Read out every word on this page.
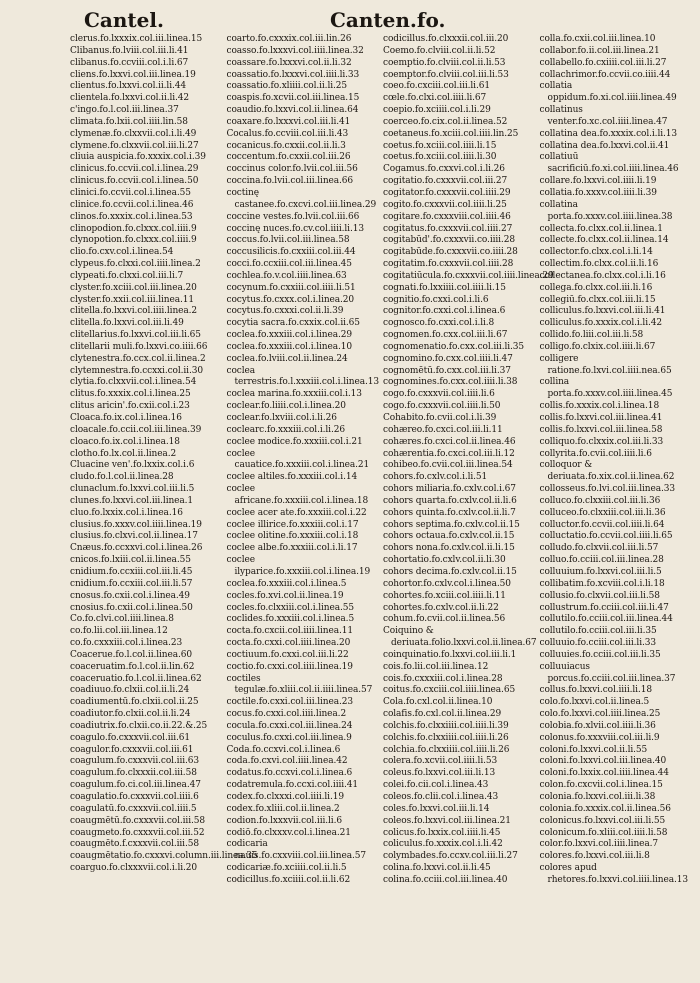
Cantel.	Canten.fo.
clerus.fo.lxxxix.col.iii.linea.15
Clibanus.fo.lviii.col.iii.li.41
clibanus.fo.ccviii.col.i.li.67
cliens.fo.lxxvi.col.iii.linea.19
clientus.fo.lxxvi.col.ii.li.44
clientela.fo.lxxvi.col.ii.li.42
c'ingo.fo.l.col.iii.linea.37
climata.fo.lxii.col.iiii.lin.58
clymenæ.fo.clxxvii.col.i.li.49
clymene.fo.clxxvii.col.iii.li.27
cliuia auspicia.fo.xxxix.col.i.39
clinicus.fo.ccvii.col.i.linea.29
clinicus.fo.ccvii.col.i.linea.50
clinici.fo.ccvii.col.i.linea.55
clinice.fo.ccvii.col.i.linea.46
clinos.fo.xxxix.col.i.linea.53
clinopodion.fo.clxxx.col.iiii.9
clynopotion.fo.clxxx.col.iiii.9
clio.fo.cxv.col.i.linea.54
clypeus.fo.clxxi.col.iiii.linea.2
clypeati.fo.clxxi.col.iii.li.7
clyster.fo.xciii.col.iii.linea.20
clyster.fo.xxii.col.iii.linea.11
clitella.fo.lxxvi.col.iiii.linea.2
clitella.fo.lxxvi.col.iii.li.49
clitellarius.fo.lxxvi.col.iii.li.65
clitellarii muli.fo.lxxvi.co.iiii.66
clytenestra.fo.ccx.col.ii.linea.2
clytemnestra.fo.ccxxi.col.ii.30
clytia.fo.clxxvii.col.i.linea.54
clitus.fo.xxxix.col.i.linea.25
clitus aricin'.fo.cxii.col.i.23
Cloaca.fo.ix.col.i.linea.16
cloacale.fo.ccii.col.iii.linea.39
cloaco.fo.ix.col.i.linea.18
clotho.fo.lx.col.ii.linea.2
Cluacine ven'.fo.lxxix.col.i.6
cludo.fo.l.col.ii.linea.28
clunaclum.fo.lxxvi.col.iii.li.5
clunes.fo.lxxvi.col.iii.linea.1
cluo.fo.lxxix.col.i.linea.16
clusius.fo.xxxv.col.iiii.linea.19
clusius.fo.clxvi.col.ii.linea.17
Cnæus.fo.ccxxvi.col.i.linea.26
cnicos.fo.lxiii.col.ii.linea.55
cnidium.fo.ccxiii.col.iii.li.45
cnidium.fo.ccxiii.col.iii.li.57
cnosus.fo.cxii.col.i.linea.49
cnosius.fo.cxii.col.i.linea.50
Co.fo.clvi.col.iiii.linea.8
co.fo.lii.col.iii.linea.12
co.fo.cxxxiii.col.i.linea.23
Coacerue.fo.l.col.ii.linea.60
coaceruatim.fo.l.col.ii.lin.62
coaceruatio.fo.l.col.ii.linea.62
coadiuuo.fo.clxii.col.ii.li.24
coadiumentū.fo.clxii.col.ii.25
coadiutor.fo.clxii.col.ii.li.24
coadiutrix.fo.clxii.co.ii.22.&.25
coagulo.fo.cxxxvii.col.iii.61
coagulor.fo.cxxxvii.col.iii.61
coagulum.fo.cxxxvii.col.iii.63
coagulum.fo.clxxxii.col.iii.58
coagulum.fo.ci.col.iii.linea.47
coagulatio.fo.cxxxvii.col.iiii.6
coagulatū.fo.cxxxvii.col.iiii.5
coaugmētū.fo.cxxxvii.col.iii.58
coaugmeto.fo.cxxxvii.col.iii.52
coaugmēto.f.cxxxvii.col.iii.58
coaugmētatio.fo.cxxxvi.column.iii.linea.35
coarguo.fo.clxxxvii.col.i.li.20
coarto.fo.cxxxix.col.iii.lin.26
coasso.fo.lxxxvi.col.iiii.linea.32
coassare.fo.lxxxvi.col.ii.li.32
coassatio.fo.lxxxvi.col.iiii.li.33
coassatio.fo.xliiii.col.ii.li.25
coaspis.fo.xcvii.col.iii.linea.15
coaudio.fo.lxxvi.col.ii.linea.64
coaxare.fo.lxxxvi.col.iii.li.41
Cocalus.fo.ccviii.col.iii.li.43
cocanicus.fo.cxxii.col.ii.li.3
coccentum.fo.cxxii.col.iii.26
coccinus color.fo.lvii.col.iii.56
coccina.fo.lvii.col.iii.linea.66
coctinę castanee.fo.cxcvi.col.iii.linea.29
coccine vestes.fo.lvii.col.iii.66
coccinę nuces.fo.cv.col.iiii.li.13
coccus.fo.lvii.col.iii.linea.58
coccusilicis.fo.cxxiii.col.iii.44
cocci.fo.ccxiii.col.iii.linea.45
cochlea.fo.v.col.iiii.linea.63
cocynum.fo.cxxiii.col.iiii.li.51
cocytus.fo.cxxx.col.i.linea.20
cocytus.fo.cxxxi.col.ii.li.39
cocytia sacra.fo.cxxix.col.ii.65
coclea.fo.xxxiii.col.i.linea.29
coclea.fo.xxxiii.col.i.linea.10
coclea.fo.lviii.col.ii.linea.24
coclea terrestris.fo.l.xxxiii.col.i.linea.13
coclea marina.fo.xxxiii.col.i.13
coclear.fo.liiii.col.i.linea.20
coclear.fo.lxviii.col.i.li.26
coclearc.fo.xxxiii.col.i.li.26
coclee modice.fo.xxxiii.col.i.21
coclee cauatice.fo.xxxiii.col.i.linea.21
coclee altiles.fo.xxxiii.col.i.14
coclee africane.fo.xxxiii.col.i.linea.18
coclee acer ate.fo.xxxiii.col.i.22
coclee illirice.fo.xxxiii.col.i.17
coclee olitine.fo.xxxiii.col.i.18
coclee albe.fo.xxxiii.col.i.li.17
coclee ilyparice.fo.xxxiii.col.i.linea.19
coclea.fo.xxxiii.col.i.linea.5
cocles.fo.xvi.col.ii.linea.19
cocles.fo.clxxiii.col.i.linea.55
coclides.fo.xxxiii.col.i.linea.5
cocta.fo.cxcii.col.iiii.linea.11
cocta.fo.cxxi.col.iiii.linea.20
coctiuum.fo.cxxi.col.iii.li.22
coctio.fo.cxxi.col.iiii.linea.19
coctiles tegulæ.fo.xliii.col.ii.iiii.linea.57
coctile.fo.cxxi.col.iii.linea.23
cocus.fo.cxxi.col.iiii.linea.2
cocula.fo.cxxi.col.iii.linea.24
coculus.fo.cxxi.col.iii.linea.9
Coda.fo.ccxvi.col.i.linea.6
coda.fo.cxvi.col.iiii.linea.42
codatus.fo.ccxvi.col.i.linea.6
codatremula.fo.ccxi.col.iiii.41
codex.fo.clxxxi.col.iiii.li.19
codex.fo.xliii.col.ii.linea.2
codion.fo.lxxxvii.col.iii.li.6
codiō.fo.clxxxv.col.i.linea.21
codicaria nauis.fo.cxxviii.col.iii.linea.57
codicariæ.fo.xciiii.col.ii.li.5
codicillus.fo.xciiii.col.ii.li.62
codicillus.fo.clxxxii.col.iii.20
Coemo.fo.clviii.col.ii.li.52
coemptio.fo.clviii.col.ii.li.53
coemptor.fo.clviii.col.iii.li.53
coeo.fo.cxciii.col.iii.li.61
cœle.fo.clxi.col.iiii.li.67
coepio.fo.xciiii.col.i.li.29
coerceo.fo.cix.col.ii.linea.52
coetaneus.fo.xciii.col.iiii.lin.25
coetus.fo.xciii.col.iiii.li.15
coetus.fo.xciii.col.iiii.li.30
Cogamus.fo.cxxvi.col.i.li.26
cogitatio.fo.cxxxvii.col.iii.27
cogitator.fo.cxxxvii.col.iiii.29
cogito.fo.cxxxvii.col.iiii.li.25
cogitare.fo.cxxxviii.col.iiii.46
cogitatus.fo.cxxxvii.col.iiii.27
cogitabūd'.fo.cxxxvii.co.iiii.28
cogitabūde.fo.cxxxvii.co.iiii.28
cogitatim.fo.cxxxvii.col.iiii.28
cogitatiūcula.fo.cxxxvii.col.iiii.linea.29
cognati.fo.lxxiiii.col.iiii.li.15
cognitio.fo.cxxi.col.i.li.6
cognitor.fo.cxxi.col.i.linea.6
cognosco.fo.cxxi.col.i.li.8
cognomen.fo.cxx.col.iii.li.67
cognomenatio.fo.cxx.col.iii.li.35
cognomino.fo.cxx.col.iiii.li.47
cognomētū.fo.cxx.col.iii.li.37
cognomines.fo.cxx.col.iiii.li.38
cogo.fo.cxxxvii.col.iiii.li.6
cogo.fo.cxxxvii.col.iiii.li.50
Cohabito.fo.cvii.col.i.li.39
cohæreo.fo.cxci.col.iii.li.11
cohæres.fo.cxci.col.ii.linea.46
cohærentia.fo.cxci.col.iii.li.12
cohibeo.fo.cvii.col.iii.linea.54
cohors.fo.cxlv.col.i.li.51
cohors miliaria.fo.cxlv.col.i.67
cohors quarta.fo.cxlv.col.ii.li.6
cohors quinta.fo.cxlv.col.ii.li.7
cohors septima.fo.cxlv.col.ii.15
cohors octaua.fo.cxlv.col.ii.15
cohors nona.fo.cxlv.col.ii.li.15
cohortatio.fo.cxlv.col.ii.li.30
cohors decima.fo.cxlv.col.ii.15
cohortor.fo.cxlv.col.i.linea.50
cohortes.fo.xciii.col.iiii.li.11
cohortes.fo.cxlv.col.ii.li.22
cohum.fo.cvii.col.ii.linea.56
Coiquino & deriuata.folio.lxxvi.col.ii.linea.67
coinquinatio.fo.lxxvi.col.iii.li.1
cois.fo.lii.col.iii.linea.12
cois.fo.cxxxiii.col.i.linea.28
coitus.fo.cxciii.col.iiii.linea.65
Cola.fo.cxl.col.ii.linea.10
colafis.fo.cxl.col.ii.linea.29
colchis.fo.clxxiiii.col.iiii.li.39
colchis.fo.clxxiiii.col.iiii.li.26
colchia.fo.clxxiiii.col.iiii.li.26
colera.fo.xcvii.col.iiii.li.53
coleus.fo.lxxvi.col.iii.li.13
colei.fo.cii.col.i.linea.43
coleos.fo.clii.col.i.linea.43
coles.fo.lxxvi.col.iii.li.14
coleos.fo.lxxvi.col.iii.linea.21
colicus.fo.lxxix.col.iiii.li.45
coliculus.fo.xxxix.col.i.li.42
colymbades.fo.ccxv.col.iii.li.27
colina.fo.lxxvi.col.ii.li.45
colina.fo.cciii.col.iii.linea.40
colla.fo.cxii.col.iii.linea.10
collabor.fo.ii.col.iii.linea.21
collabello.fo.cxiiii.col.iii.li.27
collachrimor.fo.ccvii.co.iiii.44
collatia oppidum.fo.xi.col.iiii.linea.49
collatinus venter.fo.xc.col.iiii.linea.47
collatina dea.fo.xxxix.col.i.li.13
collatina dea.fo.lxxvi.col.ii.41
collatiuū sacrificiū.fo.xi.col.iiii.linea.46
collare.fo.lxxvi.col.iiii.li.19
collatia.fo.xxxv.col.iiii.li.39
collatina porta.fo.xxxv.col.iiii.linea.38
collecta.fo.clxx.col.ii.linea.1
collecte.fo.clxx.col.ii.linea.14
collector.fo.clxx.col.i.li.14
collectim.fo.clxx.col.ii.li.16
collectanea.fo.clxx.col.i.li.16
collega.fo.clxx.col.iii.li.16
collegiū.fo.clxx.col.iii.li.15
colliculus.fo.lxxvi.col.iii.li.41
colliculus.fo.xxxix.col.i.li.42
collido.fo.liii.col.iii.li.58
colligo.fo.clxix.col.iiii.li.67
colligere ratione.fo.lxvi.col.iiii.nea.65
collina porta.fo.xxxv.col.iiii.linea.45
collis.fo.xxxix.col.i.linea.18
collis.fo.lxxvi.col.iii.linea.41
collis.fo.lxxvi.col.iii.linea.58
colliquo.fo.clxxix.col.iii.li.33
collyrita.fo.cvii.col.iiii.li.6
colloquor & deriuata.fo.xix.col.ii.linea.62
collosseus.fo.lvi.col.iii.linea.33
colluco.fo.clxxiii.col.iii.li.36
colluceo.fo.clxxiii.col.iii.li.36
colluctor.fo.ccvii.col.iiii.li.64
colluctatio.fo.ccvii.col.iiii.li.65
colludo.fo.clxvii.col.iii.li.57
colluo.fo.cciii.col.iii.linea.28
colluuium.fo.lxxvi.col.iii.li.5
collibatim.fo.xcviii.col.i.li.18
collusio.fo.clxvii.col.iii.li.58
collustrum.fo.cciii.col.iii.li.47
collutilo.fo.cciii.col.iii.linea.44
collutilo.fo.cciii.col.iii.li.35
colluuio.fo.cciii.col.iii.li.33
colluuies.fo.cciii.col.iii.li.35
colluuiacus porcus.fo.cciii.col.iii.linea.37
collus.fo.lxxvi.col.iiii.li.18
colo.fo.lxxvi.col.ii.linea.5
colo.fo.lxxvi.col.iiii.linea.25
colobia.fo.xlvii.col.iiii.li.36
colonus.fo.xxxviii.col.iii.li.9
coloni.fo.lxxvi.col.ii.li.55
coloni.fo.lxxvi.col.iii.linea.40
coloni.fo.lxxix.col.iiii.linea.44
colon.fo.cxcvii.col.i.linea.15
colonia.fo.lxxvi.col.iii.li.38
colonia.fo.xxxix.col.ii.linea.56
colonicus.fo.lxxvi.col.iii.li.55
colonicum.fo.xliii.col.iiii.li.58
color.fo.lxxvi.col.iiii.linea.7
colores.fo.lxxvi.col.iii.li.8
colores apud rhetores.fo.lxxvi.col.iiii.linea.13
